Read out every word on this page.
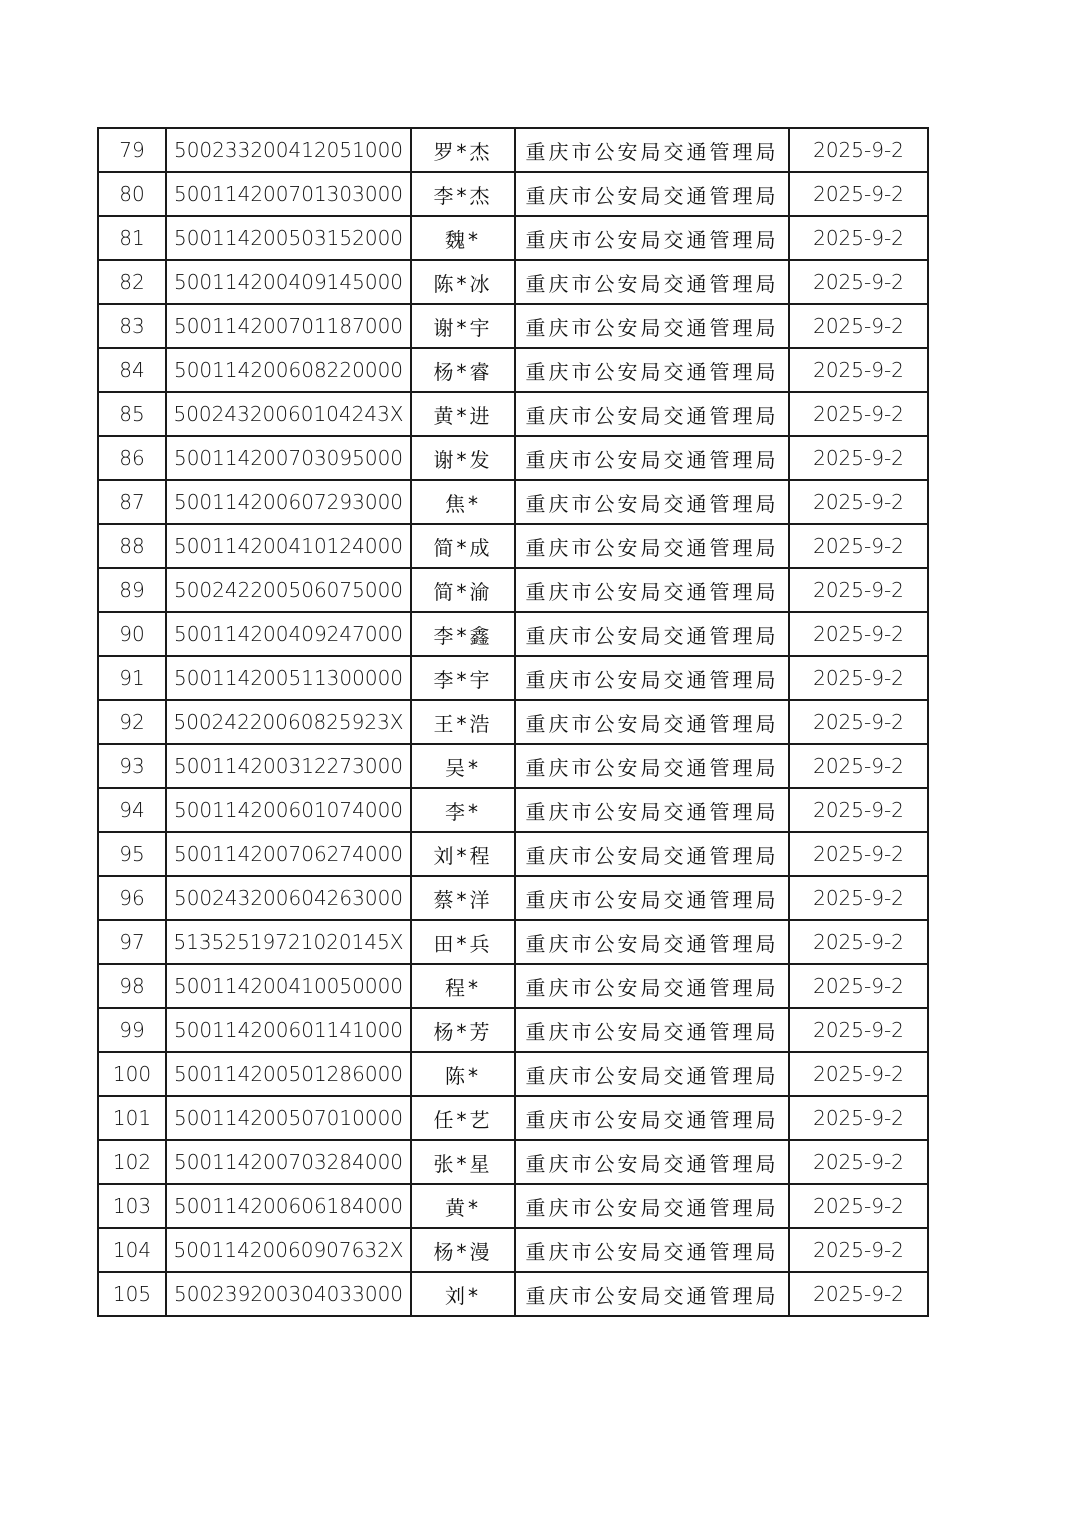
79	500233200412051000	罗*杰	重庆市公安局交通管理局	2025-9-2
80	500114200701303000	李*杰	重庆市公安局交通管理局	2025-9-2
81	500114200503152000	魏*	重庆市公安局交通管理局	2025-9-2
82	500114200409145000	陈*冰	重庆市公安局交通管理局	2025-9-2
83	500114200701187000	谢*宇	重庆市公安局交通管理局	2025-9-2
84	500114200608220000	杨*睿	重庆市公安局交通管理局	2025-9-2
85	50024320060104243X	黄*进	重庆市公安局交通管理局	2025-9-2
86	500114200703095000	谢*发	重庆市公安局交通管理局	2025-9-2
87	500114200607293000	焦*	重庆市公安局交通管理局	2025-9-2
88	500114200410124000	简*成	重庆市公安局交通管理局	2025-9-2
89	500242200506075000	简*渝	重庆市公安局交通管理局	2025-9-2
90	500114200409247000	李*鑫	重庆市公安局交通管理局	2025-9-2
91	500114200511300000	李*宇	重庆市公安局交通管理局	2025-9-2
92	50024220060825923X	王*浩	重庆市公安局交通管理局	2025-9-2
93	500114200312273000	吴*	重庆市公安局交通管理局	2025-9-2
94	500114200601074000	李*	重庆市公安局交通管理局	2025-9-2
95	500114200706274000	刘*程	重庆市公安局交通管理局	2025-9-2
96	500243200604263000	蔡*洋	重庆市公安局交通管理局	2025-9-2
97	51352519721020145X	田*兵	重庆市公安局交通管理局	2025-9-2
98	500114200410050000	程*	重庆市公安局交通管理局	2025-9-2
99	500114200601141000	杨*芳	重庆市公安局交通管理局	2025-9-2
100	500114200501286000	陈*	重庆市公安局交通管理局	2025-9-2
101	500114200507010000	任*艺	重庆市公安局交通管理局	2025-9-2
102	500114200703284000	张*星	重庆市公安局交通管理局	2025-9-2
103	500114200606184000	黄*	重庆市公安局交通管理局	2025-9-2
104	50011420060907632X	杨*漫	重庆市公安局交通管理局	2025-9-2
105	500239200304033000	刘*	重庆市公安局交通管理局	2025-9-2
